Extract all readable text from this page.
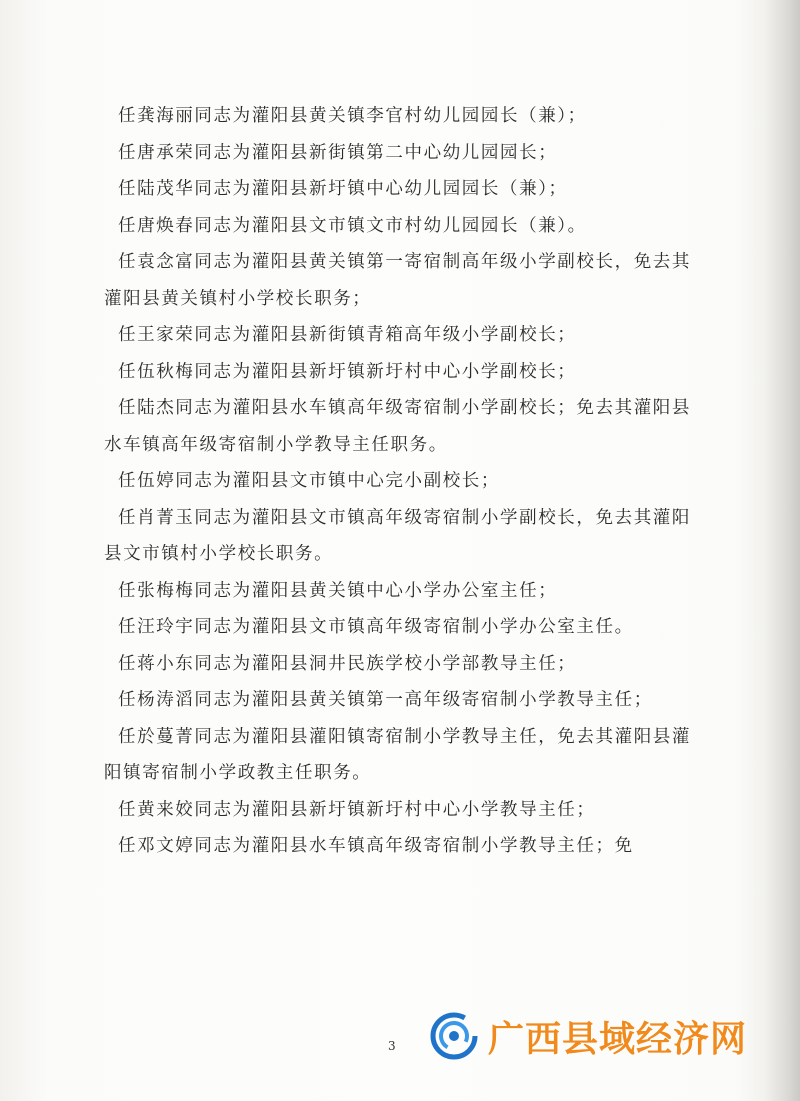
任龚海丽同志为灌阳县黄关镇李官村幼儿园园长（兼）；

任唐承荣同志为灌阳县新街镇第二中心幼儿园园长；

任陆茂华同志为灌阳县新圩镇中心幼儿园园长（兼）；

任唐焕春同志为灌阳县文市镇文市村幼儿园园长（兼）。

任袁念富同志为灌阳县黄关镇第一寄宿制高年级小学副校长，免去其灌阳县黄关镇村小学校长职务；

任王家荣同志为灌阳县新街镇青箱高年级小学副校长；

任伍秋梅同志为灌阳县新圩镇新圩村中心小学副校长；

任陆杰同志为灌阳县水车镇高年级寄宿制小学副校长；免去其灌阳县水车镇高年级寄宿制小学教导主任职务。

任伍婷同志为灌阳县文市镇中心完小副校长；

任肖菁玉同志为灌阳县文市镇高年级寄宿制小学副校长，免去其灌阳县文市镇村小学校长职务。

任张梅梅同志为灌阳县黄关镇中心小学办公室主任；

任汪玲宇同志为灌阳县文市镇高年级寄宿制小学办公室主任。

任蒋小东同志为灌阳县洞井民族学校小学部教导主任；

任杨涛滔同志为灌阳县黄关镇第一高年级寄宿制小学教导主任；

任於蔓菁同志为灌阳县灌阳镇寄宿制小学教导主任，免去其灌阳县灌阳镇寄宿制小学政教主任职务。

任黄来姣同志为灌阳县新圩镇新圩村中心小学教导主任；

任邓文婷同志为灌阳县水车镇高年级寄宿制小学教导主任；免

3	广西县域经济网
